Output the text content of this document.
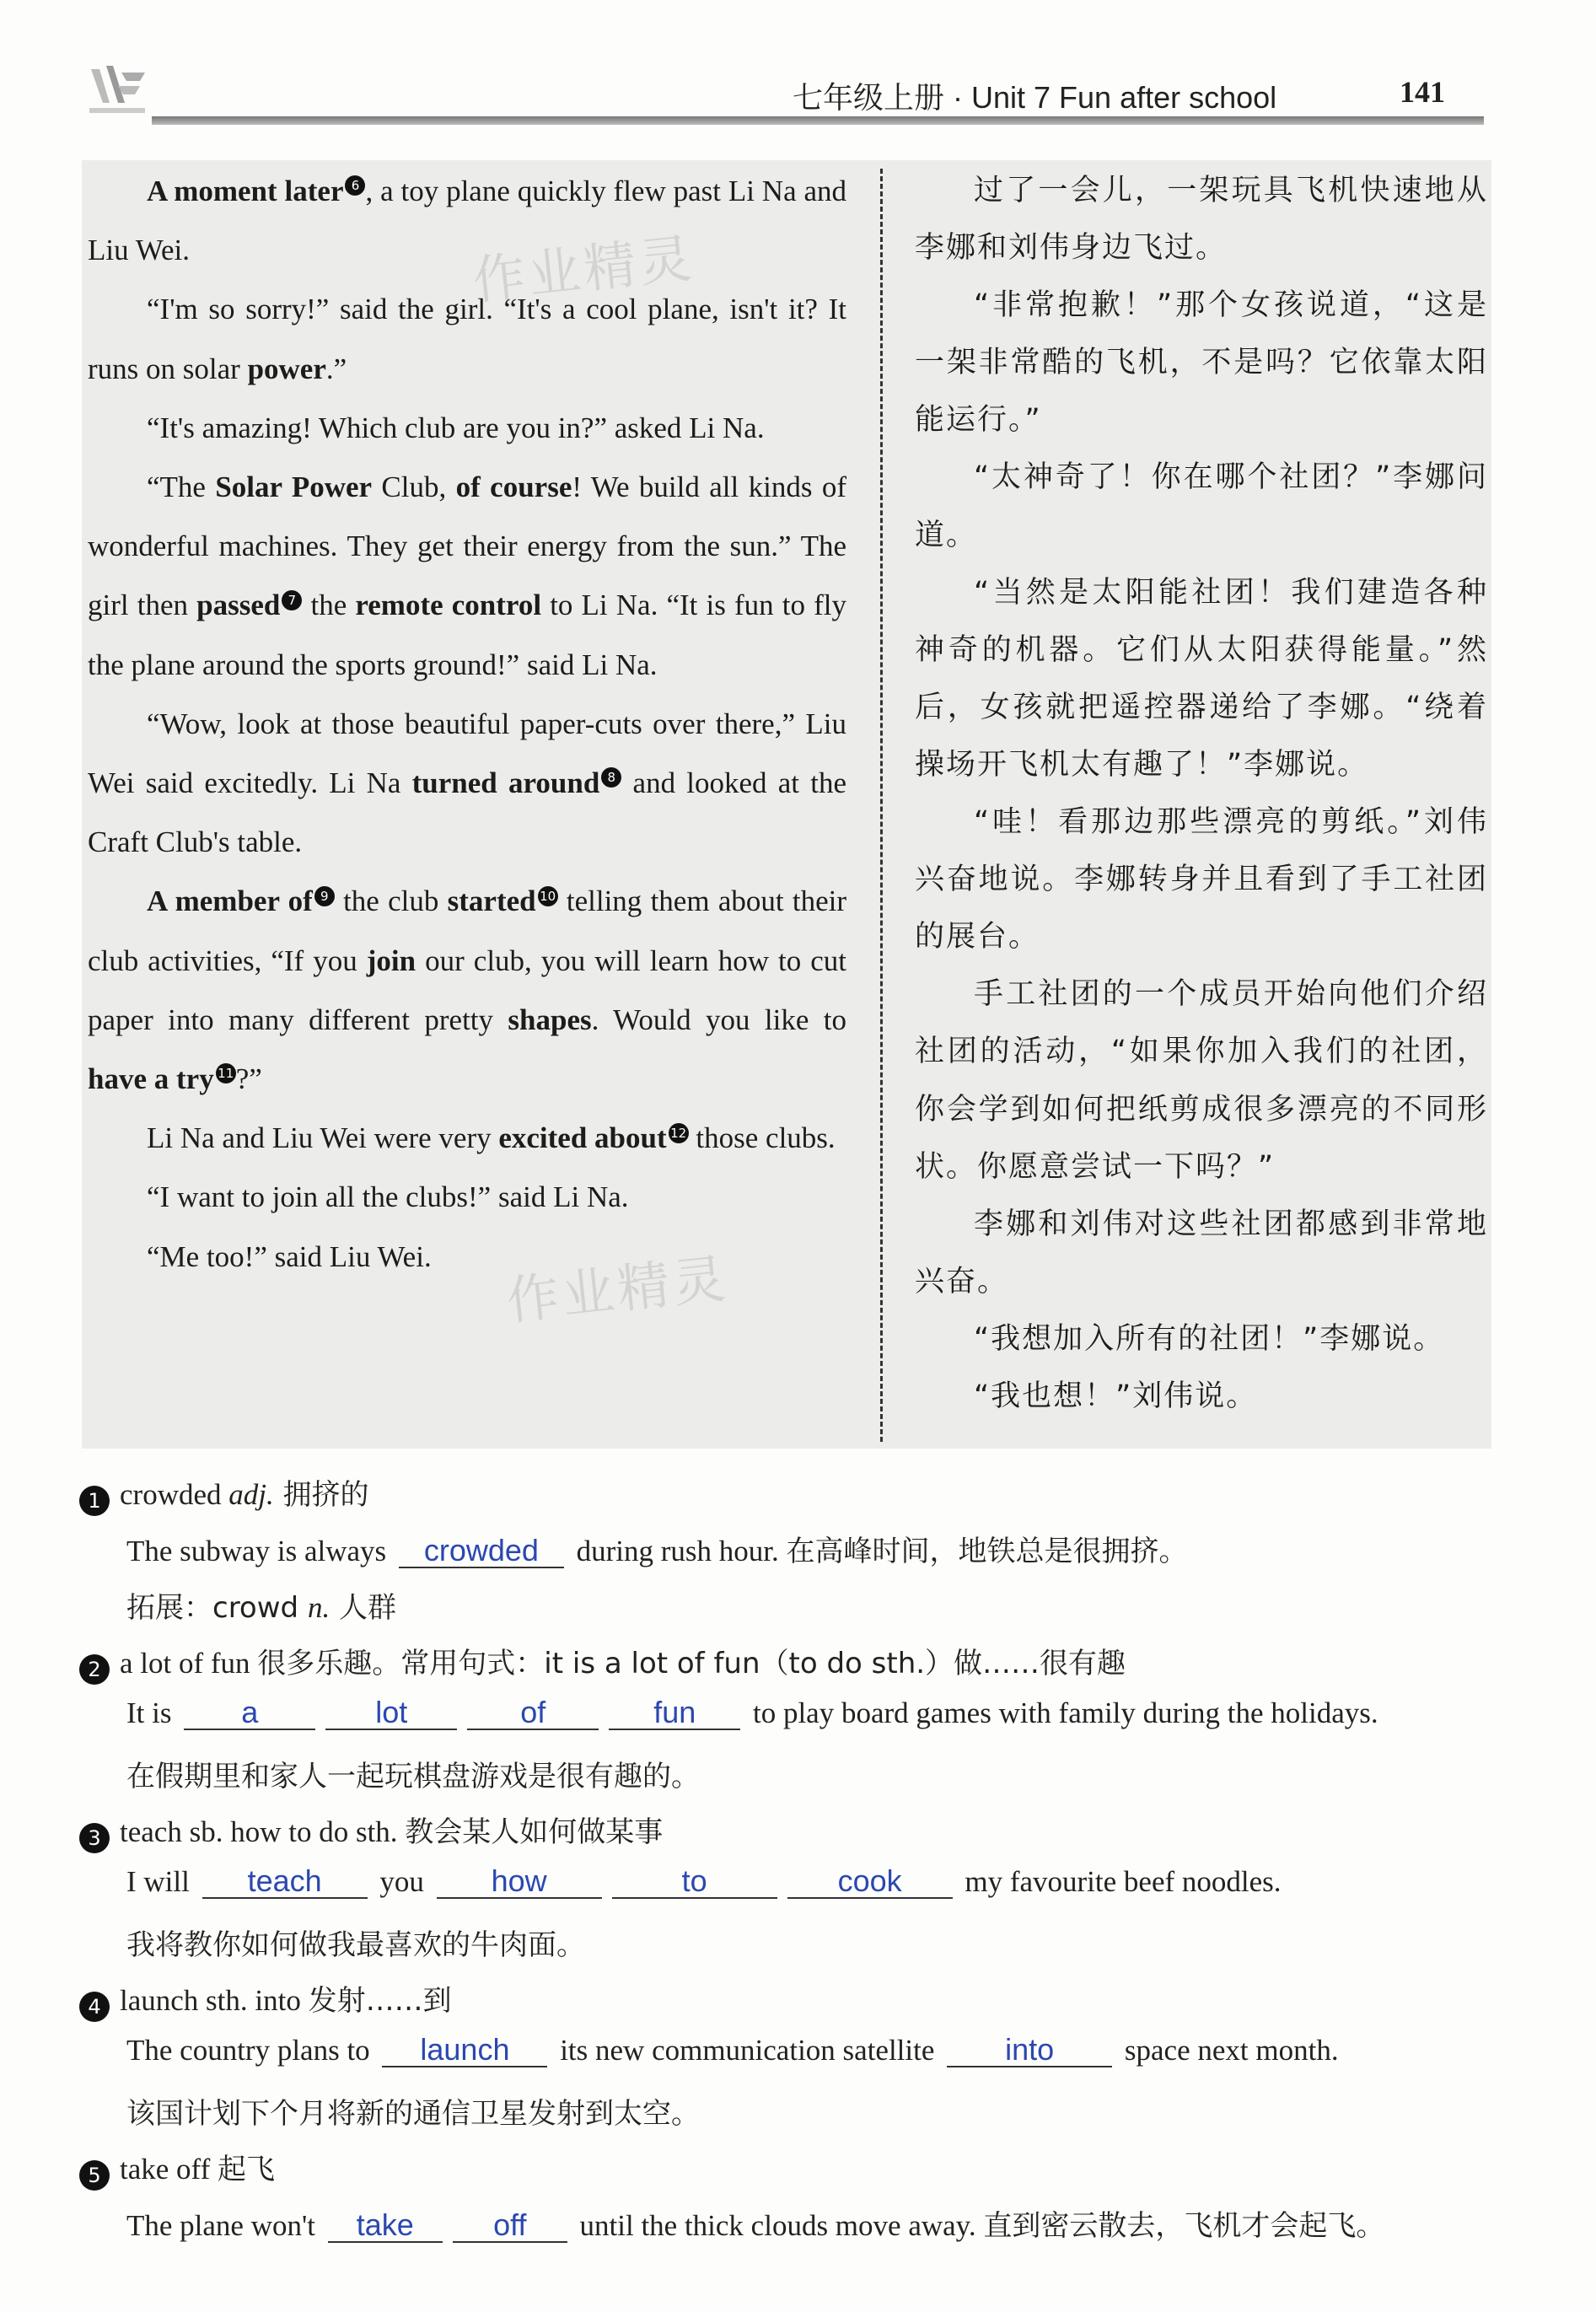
七年级上册 · Unit 7 Fun after school	141

A moment later 6 , a toy plane quickly flew past Li Na and Liu Wei.

“I'm so sorry!” said the girl. “It's a cool plane, isn't it? It runs on solar power.”

“It's amazing! Which club are you in?” asked Li Na.

“The Solar Power Club, of course! We build all kinds of wonderful machines. They get their energy from the sun.” The girl then passed 7 the remote control to Li Na. “It is fun to fly the plane around the sports ground!” said Li Na.

“Wow, look at those beautiful paper-cuts over there,” Liu Wei said excitedly. Li Na turned around 8 and looked at the Craft Club's table.

A member of 9 the club started 10 telling them about their club activities, “If you join our club, you will learn how to cut paper into many different pretty shapes. Would you like to have a try 11?”

Li Na and Liu Wei were very excited about 12 those clubs.

“I want to join all the clubs!” said Li Na.

“Me too!” said Liu Wei.

过了一会儿，一架玩具飞机快速地从李娜和刘伟身边飞过。

“非常抱歉！”那个女孩说道，“这是一架非常酷的飞机，不是吗？它依靠太阳能运行。”

“太神奇了！你在哪个社团？”李娜问道。

“当然是太阳能社团！我们建造各种神奇的机器。它们从太阳获得能量。”然后，女孩就把遥控器递给了李娜。“绕着操场开飞机太有趣了！”李娜说。

“哇！看那边那些漂亮的剪纸。”刘伟兴奋地说。李娜转身并且看到了手工社团的展台。

手工社团的一个成员开始向他们介绍社团的活动，“如果你加入我们的社团，你会学到如何把纸剪成很多漂亮的不同形状。你愿意尝试一下吗？”

李娜和刘伟对这些社团都感到非常地兴奋。

“我想加入所有的社团！”李娜说。

“我也想！”刘伟说。

作业精灵
作业精灵
1 crowded adj. 拥挤的
The subway is always crowded during rush hour. 在高峰时间，地铁总是很拥挤。
拓展：crowd n. 人群
2 a lot of fun 很多乐趣。常用句式：it is a lot of fun（to do sth.）做……很有趣
It is a	lot	of	fun to play board games with family during the holidays.
在假期里和家人一起玩棋盘游戏是很有趣的。
3 teach sb. how to do sth. 教会某人如何做某事
I will teach you how	to	cook my favourite beef noodles.
我将教你如何做我最喜欢的牛肉面。
4 launch sth. into 发射……到
The country plans to launch its new communication satellite into space next month.
该国计划下个月将新的通信卫星发射到太空。
5 take off 起飞
The plane won't take	off until the thick clouds move away. 直到密云散去，飞机才会起飞。
